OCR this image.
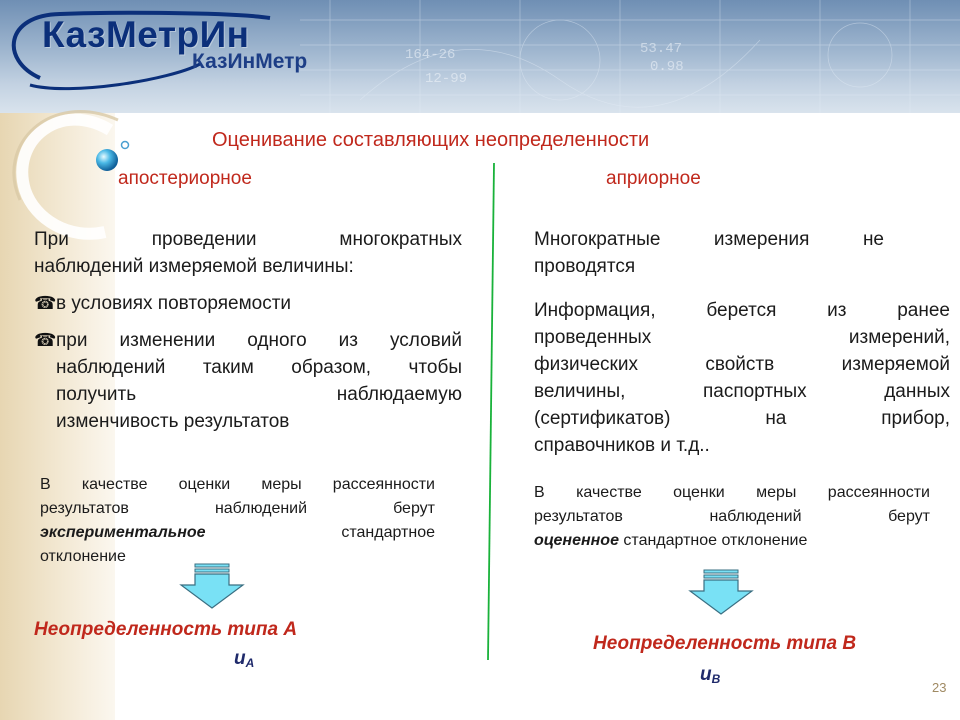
164-26
12-99
53.47
0.98
КазМетрИн
КазИнМетр
Оценивание составляющих неопределенности
апостериорное	априорное
При проведении многократных
наблюдений измеряемой величины:
☎ в условиях повторяемости
☎ при изменении одного из условий
наблюдений таким образом, чтобы
получить наблюдаемую
изменчивость результатов
В качестве оценки меры рассеянности
результатов наблюдений берут
экспериментальное	стандартное
отклонение
Неопределенность типа А
$u_A$
Многократные измерения не
проводятся
Информация, берется из ранее
проведенных измерений,
физических свойств измеряемой
величины, паспортных данных
(сертификатов) на прибор,
справочников и т.д..
В качестве оценки меры рассеянности
результатов наблюдений берут
оцененное стандартное отклонение
Неопределенность типа В
$u_B$
23
